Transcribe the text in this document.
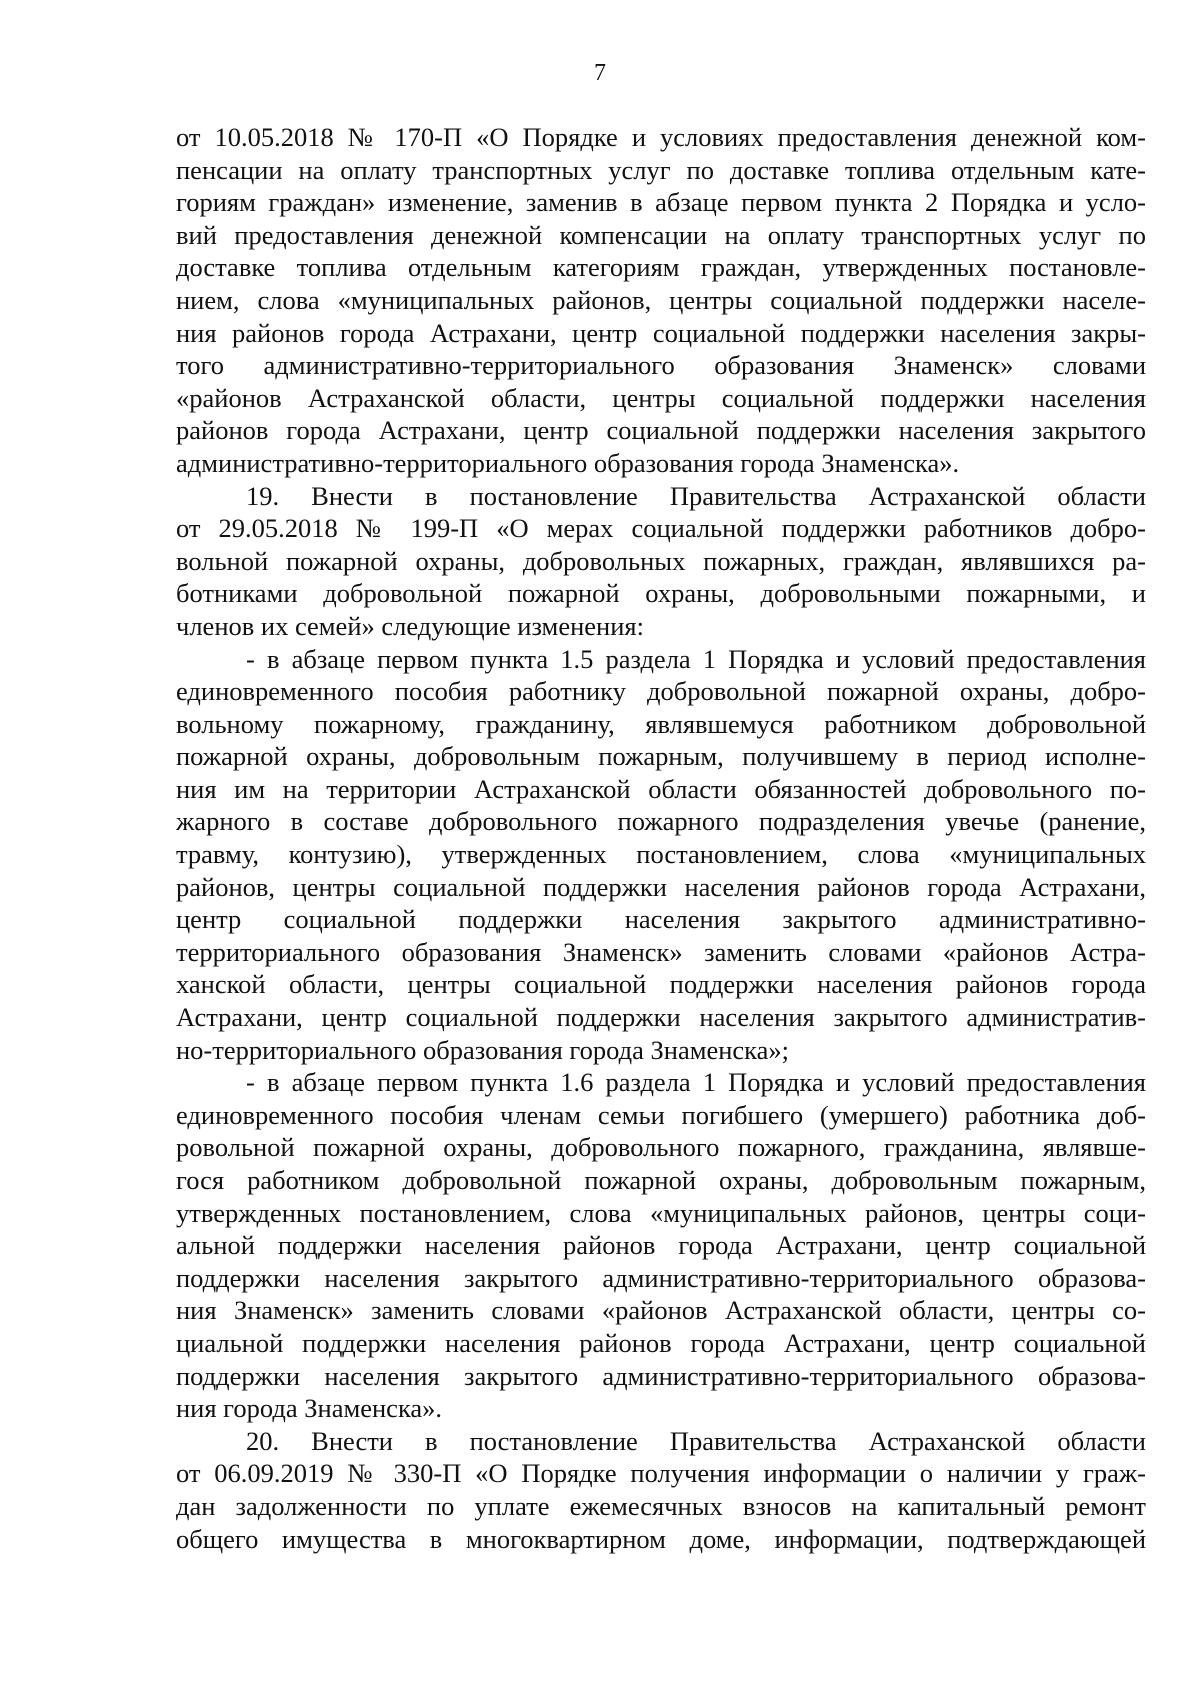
7
от 10.05.2018 № 170-П «О Порядке и условиях предоставления денежной ком-
пенсации на оплату транспортных услуг по доставке топлива отдельным кате-
гориям граждан» изменение, заменив в абзаце первом пункта 2 Порядка и усло-
вий предоставления денежной компенсации на оплату транспортных услуг по
доставке топлива отдельным категориям граждан, утвержденных постановле-
нием, слова «муниципальных районов, центры социальной поддержки населе-
ния районов города Астрахани, центр социальной поддержки населения закры-
того административно-территориального образования Знаменск» словами
«районов Астраханской области, центры социальной поддержки населения
районов города Астрахани, центр социальной поддержки населения закрытого
административно-территориального образования города Знаменска».
19. Внести в постановление Правительства Астраханской области
от 29.05.2018 № 199-П «О мерах социальной поддержки работников добро-
вольной пожарной охраны, добровольных пожарных, граждан, являвшихся ра-
ботниками добровольной пожарной охраны, добровольными пожарными, и
членов их семей» следующие изменения:
- в абзаце первом пункта 1.5 раздела 1 Порядка и условий предоставления
единовременного пособия работнику добровольной пожарной охраны, добро-
вольному пожарному, гражданину, являвшемуся работником добровольной
пожарной охраны, добровольным пожарным, получившему в период исполне-
ния им на территории Астраханской области обязанностей добровольного по-
жарного в составе добровольного пожарного подразделения увечье (ранение,
травму, контузию), утвержденных постановлением, слова «муниципальных
районов, центры социальной поддержки населения районов города Астрахани,
центр социальной поддержки населения закрытого административно-
территориального образования Знаменск» заменить словами «районов Астра-
ханской области, центры социальной поддержки населения районов города
Астрахани, центр социальной поддержки населения закрытого административ-
но-территориального образования города Знаменска»;
- в абзаце первом пункта 1.6 раздела 1 Порядка и условий предоставления
единовременного пособия членам семьи погибшего (умершего) работника доб-
ровольной пожарной охраны, добровольного пожарного, гражданина, являвше-
гося работником добровольной пожарной охраны, добровольным пожарным,
утвержденных постановлением, слова «муниципальных районов, центры соци-
альной поддержки населения районов города Астрахани, центр социальной
поддержки населения закрытого административно-территориального образова-
ния Знаменск» заменить словами «районов Астраханской области, центры со-
циальной поддержки населения районов города Астрахани, центр социальной
поддержки населения закрытого административно-территориального образова-
ния города Знаменска».
20. Внести в постановление Правительства Астраханской области
от 06.09.2019 № 330-П «О Порядке получения информации о наличии у граж-
дан задолженности по уплате ежемесячных взносов на капитальный ремонт
общего имущества в многоквартирном доме, информации, подтверждающей
